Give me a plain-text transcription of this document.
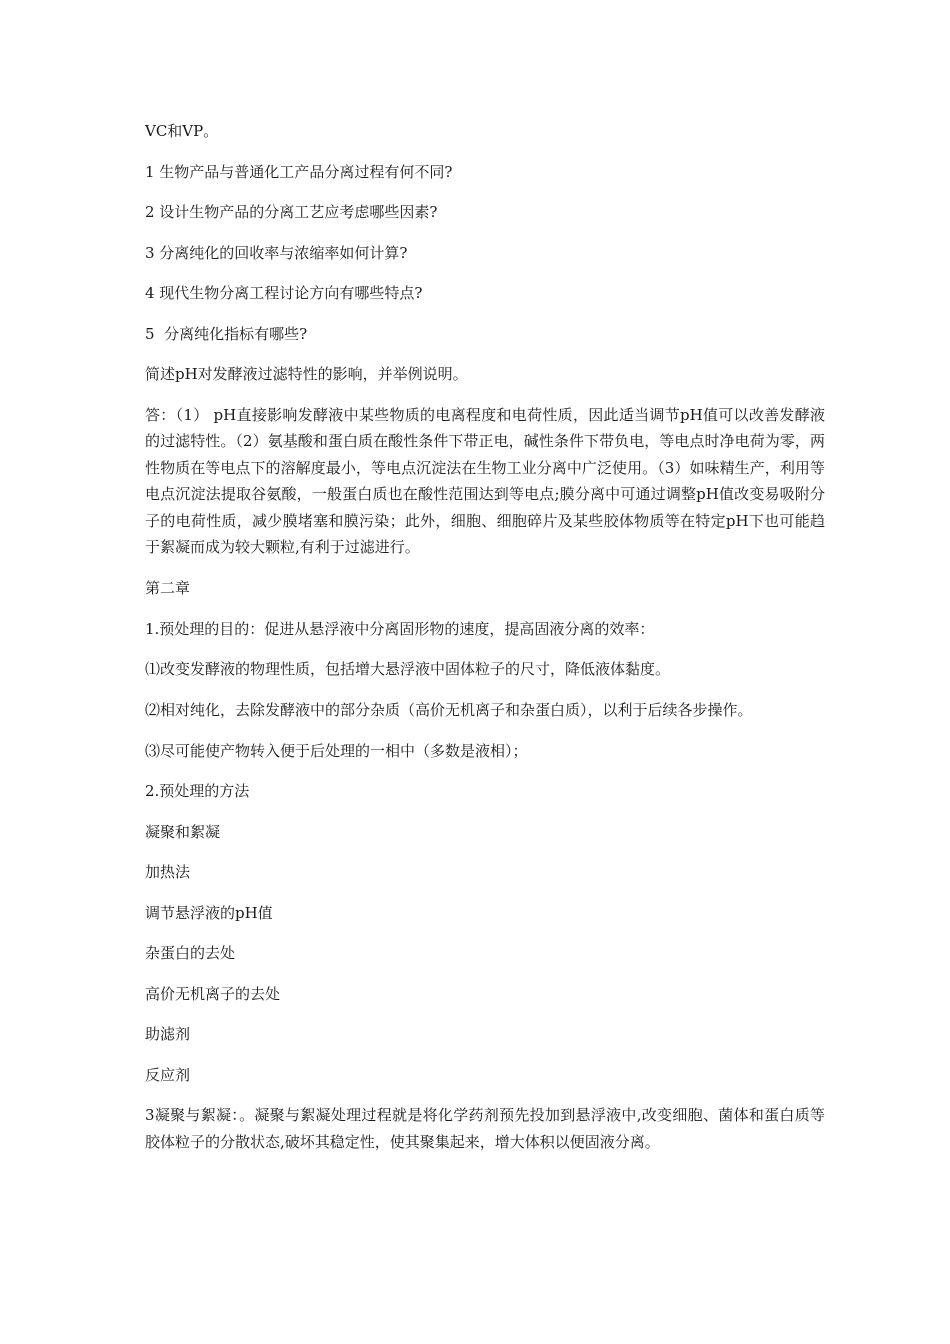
VC和VP。

1 生物产品与普通化工产品分离过程有何不同?

2 设计生物产品的分离工艺应考虑哪些因素?

3 分离纯化的回收率与浓缩率如何计算?

4 现代生物分离工程讨论方向有哪些特点?

5  分离纯化指标有哪些?

简述pH对发酵液过滤特性的影响，并举例说明。

答：（1） pH直接影响发酵液中某些物质的电离程度和电荷性质，因此适当调节pH值可以改善发酵液的过滤特性。（2）氨基酸和蛋白质在酸性条件下带正电，碱性条件下带负电，等电点时净电荷为零，两性物质在等电点下的溶解度最小，等电点沉淀法在生物工业分离中广泛使用。（3）如味精生产，利用等电点沉淀法提取谷氨酸，一般蛋白质也在酸性范围达到等电点;膜分离中可通过调整pH值改变易吸附分子的电荷性质，减少膜堵塞和膜污染；此外，细胞、细胞碎片及某些胶体物质等在特定pH下也可能趋于絮凝而成为较大颗粒,有利于过滤进行。

第二章

1.预处理的目的：促进从悬浮液中分离固形物的速度，提高固液分离的效率：

⑴改变发酵液的物理性质，包括增大悬浮液中固体粒子的尺寸，降低液体黏度。

⑵相对纯化，去除发酵液中的部分杂质（高价无机离子和杂蛋白质），以利于后续各步操作。

⑶尽可能使产物转入便于后处理的一相中（多数是液相）；

2.预处理的方法

凝聚和絮凝

加热法

调节悬浮液的pH值

杂蛋白的去处

高价无机离子的去处

助滤剂

反应剂

3凝聚与絮凝：。凝聚与絮凝处理过程就是将化学药剂预先投加到悬浮液中,改变细胞、菌体和蛋白质等胶体粒子的分散状态,破坏其稳定性，使其聚集起来，增大体积以便固液分离。
